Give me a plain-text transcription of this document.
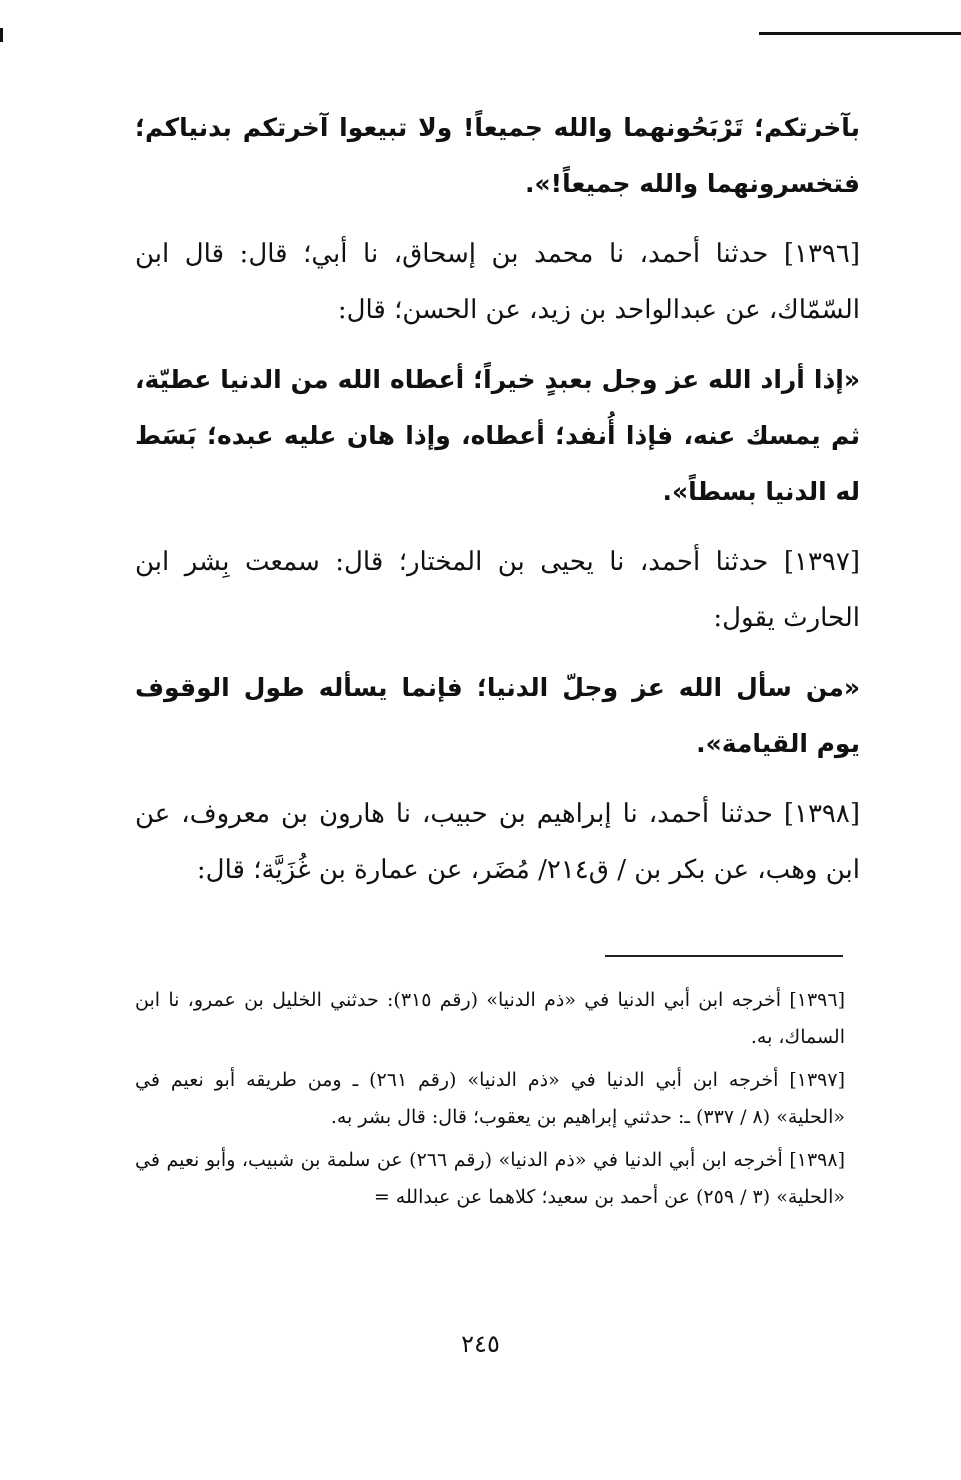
بآخرتكم؛ تَرْبَحُونهما والله جميعاً! ولا تبيعوا آخرتكم بدنياكم؛ فتخسرونهما والله جميعاً!».

[١٣٩٦] حدثنا أحمد، نا محمد بن إسحاق، نا أبي؛ قال: قال ابن السّمّاك، عن عبدالواحد بن زيد، عن الحسن؛ قال:

«إذا أراد الله عز وجل بعبدٍ خيراً؛ أعطاه الله من الدنيا عطيّة، ثم يمسك عنه، فإذا أُنفد؛ أعطاه، وإذا هان عليه عبده؛ بَسَط له الدنيا بسطاً».

[١٣٩٧] حدثنا أحمد، نا يحيى بن المختار؛ قال: سمعت بِشر ابن الحارث يقول:

«من سأل الله عز وجلّ الدنيا؛ فإنما يسأله طول الوقوف يوم القيامة».

[١٣٩٨] حدثنا أحمد، نا إبراهيم بن حبيب، نا هارون بن معروف، عن ابن وهب، عن بكر بن / ق٢١٤/ مُضَر، عن عمارة بن غُزَيَّة؛ قال:

[١٣٩٦] أخرجه ابن أبي الدنيا في «ذم الدنيا» (رقم ٣١٥): حدثني الخليل بن عمرو، نا ابن السماك، به.

[١٣٩٧] أخرجه ابن أبي الدنيا في «ذم الدنيا» (رقم ٢٦١) ـ ومن طريقه أبو نعيم في «الحلية» (٨ / ٣٣٧) ـ: حدثني إبراهيم بن يعقوب؛ قال: قال بشر به.

[١٣٩٨] أخرجه ابن أبي الدنيا في «ذم الدنيا» (رقم ٢٦٦) عن سلمة بن شبيب، وأبو نعيم في «الحلية» (٣ / ٢٥٩) عن أحمد بن سعيد؛ كلاهما عن عبدالله =

٢٤٥
